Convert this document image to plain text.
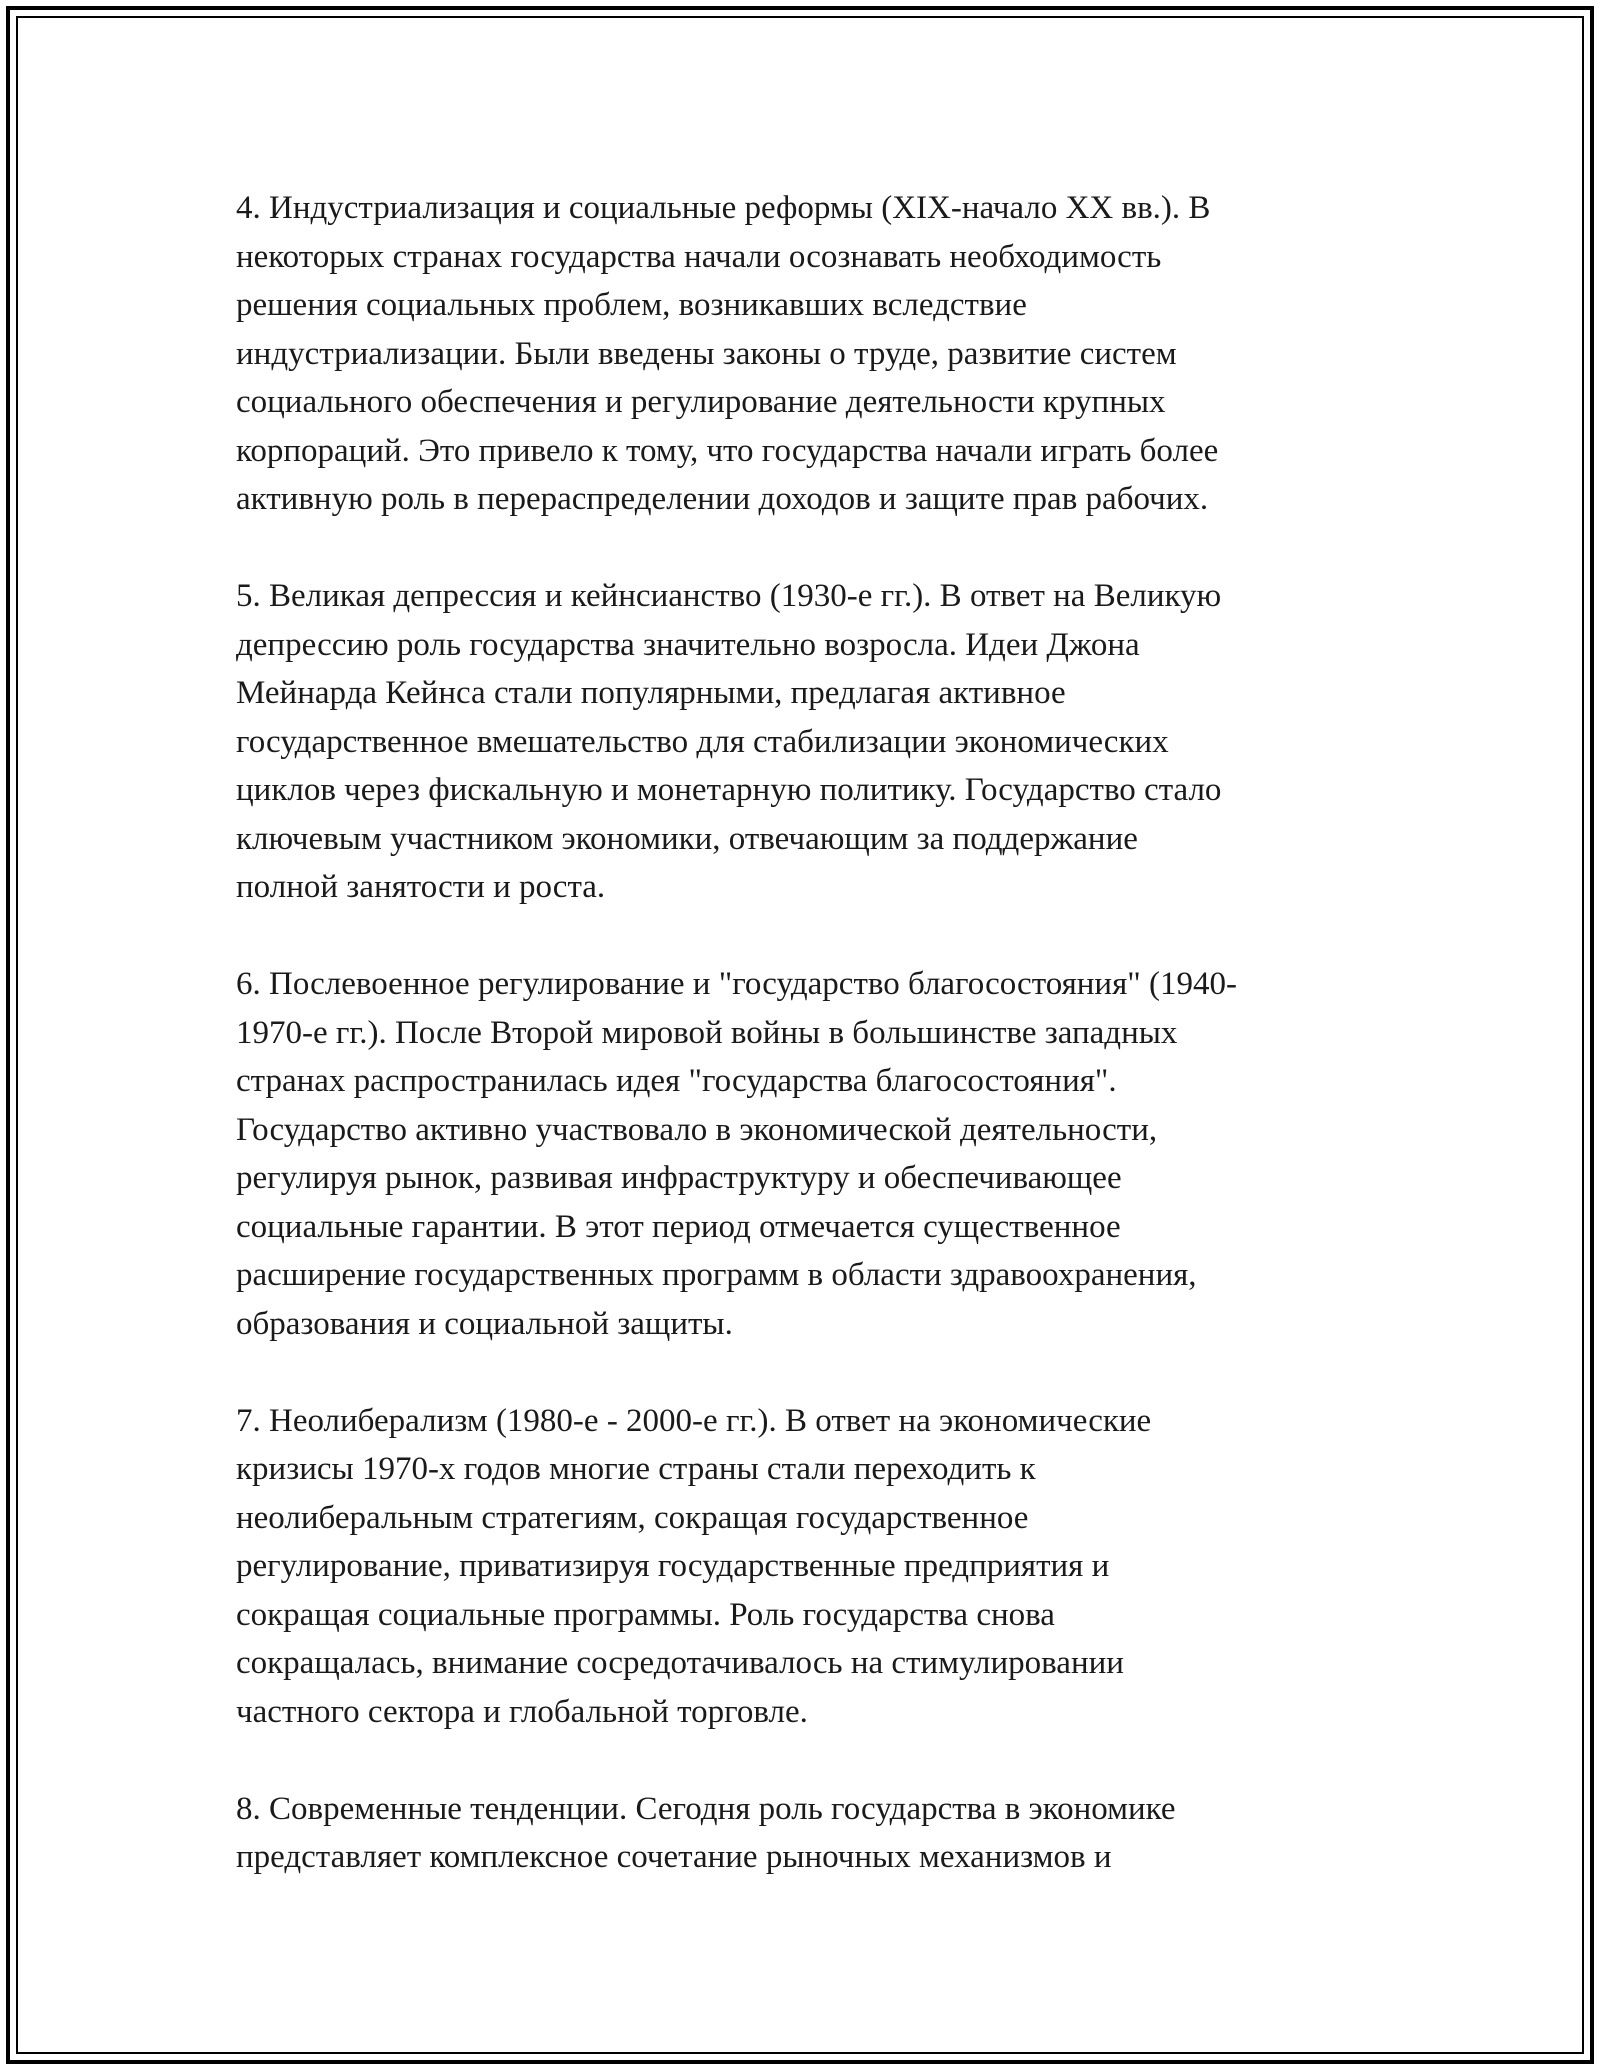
4. Индустриализация и социальные реформы (XIX-начало XX вв.). В
некоторых странах государства начали осознавать необходимость
решения социальных проблем, возникавших вследствие
индустриализации. Были введены законы о труде, развитие систем
социального обеспечения и регулирование деятельности крупных
корпораций. Это привело к тому, что государства начали играть более
активную роль в перераспределении доходов и защите прав рабочих.

5. Великая депрессия и кейнсианство (1930-е гг.). В ответ на Великую
депрессию роль государства значительно возросла. Идеи Джона
Мейнарда Кейнса стали популярными, предлагая активное
государственное вмешательство для стабилизации экономических
циклов через фискальную и монетарную политику. Государство стало
ключевым участником экономики, отвечающим за поддержание
полной занятости и роста.

6. Послевоенное регулирование и "государство благосостояния" (1940-
1970-е гг.). После Второй мировой войны в большинстве западных
странах распространилась идея "государства благосостояния".
Государство активно участвовало в экономической деятельности,
регулируя рынок, развивая инфраструктуру и обеспечивающее
социальные гарантии. В этот период отмечается существенное
расширение государственных программ в области здравоохранения,
образования и социальной защиты.

7. Неолиберализм (1980-е - 2000-е гг.). В ответ на экономические
кризисы 1970-х годов многие страны стали переходить к
неолиберальным стратегиям, сокращая государственное
регулирование, приватизируя государственные предприятия и
сокращая социальные программы. Роль государства снова
сокращалась, внимание сосредотачивалось на стимулировании
частного сектора и глобальной торговле.

8. Современные тенденции. Сегодня роль государства в экономике
представляет комплексное сочетание рыночных механизмов и
